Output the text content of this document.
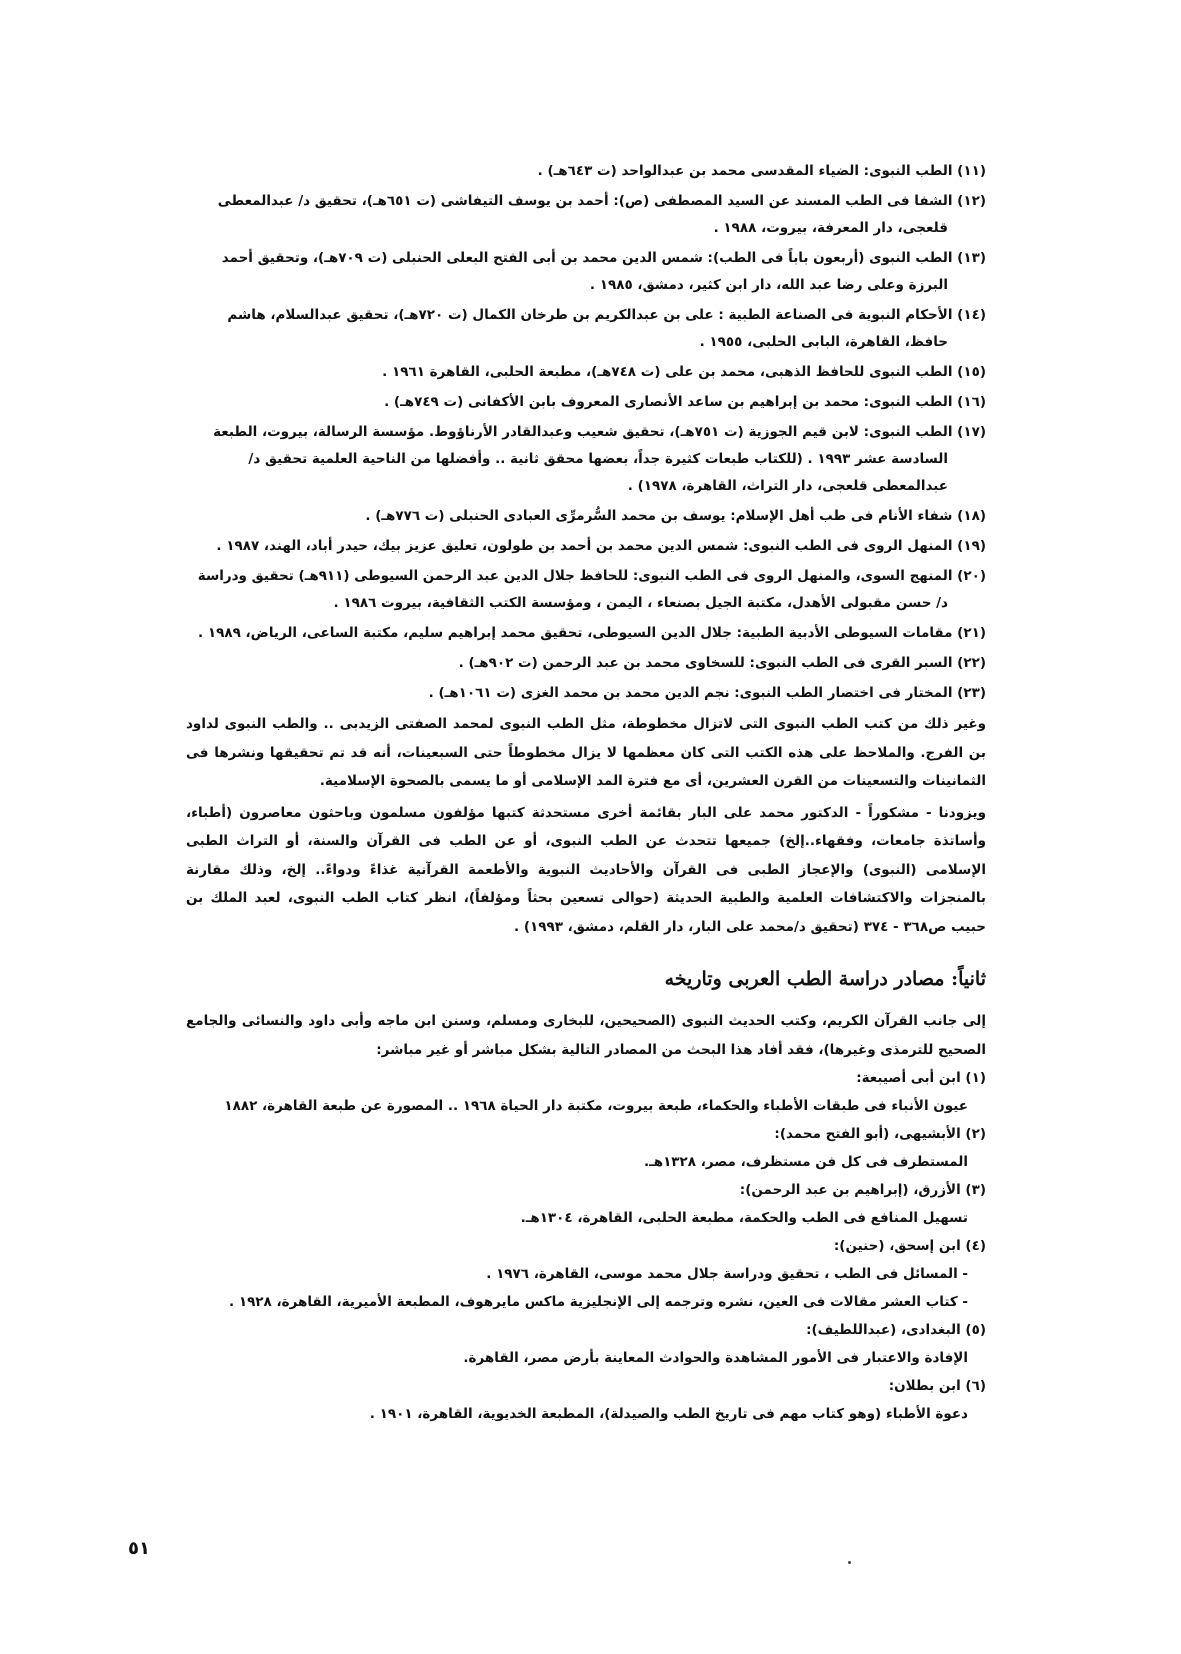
(١١) الطب النبوى: الضياء المقدسى محمد بن عبدالواحد (ت ٦٤٣هـ) .

(١٢) الشفا فى الطب المسند عن السيد المصطفى (ص): أحمد بن يوسف التيفاشى (ت ٦٥١هـ)، تحقيق د/ عبدالمعطى قلعجى، دار المعرفة، بيروت، ١٩٨٨ .

(١٣) الطب النبوى (أربعون باباً فى الطب): شمس الدين محمد بن أبى الفتح البعلى الحنبلى (ت ٧٠٩هـ)، وتحقيق أحمد البرزة وعلى رضا عبد الله، دار ابن كثير، دمشق، ١٩٨٥ .

(١٤) الأحكام النبوية فى الصناعة الطبية : على بن عبدالكريم بن طرخان الكمال (ت ٧٢٠هـ)، تحقيق عبدالسلام، هاشم حافظ، القاهرة، البابى الحلبى، ١٩٥٥ .

(١٥) الطب النبوى للحافظ الذهبى، محمد بن على (ت ٧٤٨هـ)، مطبعة الحلبى، القاهرة ١٩٦١ .

(١٦) الطب النبوى: محمد بن إبراهيم بن ساعد الأنصارى المعروف بابن الأكفانى (ت ٧٤٩هـ) .

(١٧) الطب النبوى: لابن قيم الجوزية (ت ٧٥١هـ)، تحقيق شعيب وعبدالقادر الأرناؤوط. مؤسسة الرسالة، بيروت، الطبعة السادسة عشر ١٩٩٣ . (للكتاب طبعات كثيرة جداً، بعضها محقق ثانية .. وأفضلها من الناحية العلمية تحقيق د/عبدالمعطى قلعجى، دار التراث، القاهرة، ١٩٧٨) .

(١٨) شفاء الأنام فى طب أهل الإسلام: يوسف بن محمد السُّرمرِّى العبادى الحنبلى (ت ٧٧٦هـ) .

(١٩) المنهل الروى فى الطب النبوى: شمس الدين محمد بن أحمد بن طولون، تعليق عزيز بيك، حيدر أباد، الهند، ١٩٨٧ .

(٢٠) المنهج السوى، والمنهل الروى فى الطب النبوى: للحافظ جلال الدين عبد الرحمن السيوطى (٩١١هـ) تحقيق ودراسة د/ حسن مقبولى الأهدل، مكتبة الجيل بصنعاء ، اليمن ، ومؤسسة الكتب الثقافية، بيروت ١٩٨٦ .

(٢١) مقامات السيوطى الأدبية الطبية: جلال الدين السيوطى، تحقيق محمد إبراهيم سليم، مكتبة الساعى، الرياض، ١٩٨٩ .

(٢٢) السبر القرى فى الطب النبوى: للسخاوى محمد بن عبد الرحمن (ت ٩٠٢هـ) .

(٢٣) المختار فى اختصار الطب النبوى: نجم الدين محمد بن محمد الغزى (ت ١٠٦١هـ) .

وغير ذلك من كتب الطب النبوى التى لاتزال مخطوطة، مثل الطب النبوى لمحمد الصفتى الزيدبى .. والطب النبوى لداود بن الفرج. والملاحظ على هذه الكتب التى كان معظمها لا يزال مخطوطاً حتى السبعينات، أنه قد تم تحقيقها ونشرها فى الثمانينات والتسعينات من القرن العشرين، أى مع فترة المد الإسلامى أو ما يسمى بالصحوة الإسلامية.

ويزودنا - مشكوراً - الدكتور محمد على البار بقائمة أخرى مستحدثة كتبها مؤلفون مسلمون وباحثون معاصرون (أطباء، وأساتذة جامعات، وفقهاء..إلخ) جميعها تتحدث عن الطب النبوى، أو عن الطب فى القرآن والسنة، أو التراث الطبى الإسلامى (النبوى) والإعجاز الطبى فى القرآن والأحاديث النبوية والأطعمة القرآنية غذاءً ودواءً.. إلخ، وذلك مقارنة بالمنجزات والاكتشافات العلمية والطبية الحديثة (حوالى تسعين بحثاً ومؤلفاً)، انظر كتاب الطب النبوى، لعبد الملك بن حبيب ص٣٦٨ - ٣٧٤ (تحقيق د/محمد على البار، دار القلم، دمشق، ١٩٩٣) .

ثانياً: مصادر دراسة الطب العربى وتاريخه

إلى جانب القرآن الكريم، وكتب الحديث النبوى (الصحيحين، للبخارى ومسلم، وسنن ابن ماجه وأبى داود والنسائى والجامع الصحيح للترمذى وغيرها)، فقد أفاد هذا البحث من المصادر التالية بشكل مباشر أو غير مباشر:

(١) ابن أبى أصيبعة:

عيون الأنباء فى طبقات الأطباء والحكماء، طبعة بيروت، مكتبة دار الحياة ١٩٦٨ .. المصورة عن طبعة القاهرة، ١٨٨٢

(٢) الأبشيهى، (أبو الفتح محمد):

المستطرف فى كل فن مستظرف، مصر، ١٣٢٨هـ.

(٣) الأزرق، (إبراهيم بن عبد الرحمن):

تسهيل المنافع فى الطب والحكمة، مطبعة الحلبى، القاهرة، ١٣٠٤هـ.

(٤) ابن إسحق، (حنين):

- المسائل فى الطب ، تحقيق ودراسة جلال محمد موسى، القاهرة، ١٩٧٦ .

- كتاب العشر مقالات فى العين، نشره وترجمه إلى الإنجليزية ماكس مايرهوف، المطبعة الأميرية، القاهرة، ١٩٢٨ .

(٥) البغدادى، (عبداللطيف):

الإفادة والاعتبار فى الأمور المشاهدة والحوادث المعاينة بأرض مصر، القاهرة.

(٦) ابن بطلان:

دعوة الأطباء (وهو كتاب مهم فى تاريخ الطب والصيدلة)، المطبعة الخديوية، القاهرة، ١٩٠١ .

٥١
